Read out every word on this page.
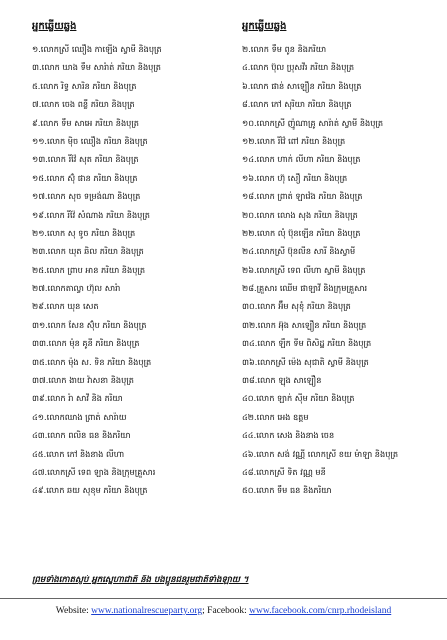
អ្នកឆ្លើយឆ្លង
១.លោកស្រី ឈឿង កាឡើង ស្វាមី និងបុត្រ
៣.លោក ឃាង ទឹម សារ៉ាត់ ភរិយា និងបុត្រ
៥.លោក រិទ្ធ សារិន ភរិយា និងបុត្រ
៧.លោក ចេង ពន្លឺ ភរិយា និងបុត្រ
៩.លោក ទឹម សាអេ ភរិយា និងបុត្រ
១១.លោក ម៉ិច ឈឿង ភរិយា និងបុត្រ
១៣.លោក រីវ៉ៃ សុត ភរិយា និងបុត្រ
១៥.លោក ស៊ុំ ផាន ភរិយា និងបុត្រ
១៧.លោក សុច ទម្រង់ណា និងបុត្រ
១៩.លោក រីវ៉ៃ សំណាង ភរិយា និងបុត្រ
២១.លោក សុ ទូច ភរិយា និងបុត្រ
២៣.លោក ឃុត ឆិល ភរិយា និងបុត្រ
២៥.លោក ព្រាប អាន ភរិយា និងបុត្រ
២៧.លោកតាល្វា ហ៊ុល សារ៉ា
២៩.លោក ឃុន សេត
៣១.លោក សែន ស៊ុំប ភរិយា និងបុត្រ
៣៣.លោក ម៉ុន គូនី ភរិយា និងបុត្រ
៣៥.លោក ម៉ុង ស. ទិន ភរិយា និងបុត្រ
៣៧.លោក ងាយ វ៉ាសនា និងបុត្រ
៣៩.លោក រ៉ា សាវី និង ភរិយា
៤១.លោកឈាង ព្រាត់ សារ៉ាយ
៤៣.លោក ពលិន ធន និងភរិយា
៤៥.លោក កៅ និងនាង លីហា
៤៧.លោកស្រី ទេព ឡាង និងក្រុមគ្រួសារ
៤៩.លោក ឆយ សុខុម ភរិយា និងបុត្រ
អ្នកឆ្លើយឆ្លង
២.លោក ទឹម ពូន និងភរិយា
៤.លោក ប៊ុល ប្រុសវីរ ភរិយា និងបុត្រ
៦.លោក ផាន់ សាឡឿន ភរិយា និងបុត្រ
៨.លោក កៅ សុរិយា ភរិយា និងបុត្រ
១០.លោកស្រី ញ៉ូណាគ្រូ សារ៉ាត់ ស្វាមី និងបុត្រ
១២.លោក រីវ៉ៃ ពៅ ភរិយា និងបុត្រ
១៤.លោក ហាក់ លីហា ភរិយា និងបុត្រ
១៦.លោក ហ៊ុ សឿ ភរិយា និងបុត្រ
១៨.លោក ព្រាត់ ឡាវ៉េង ភរិយា និងបុត្រ
២០.លោក លោង សុង ភរិយា និងបុត្រ
២២.លោក លុំ ប៊ុនឡើន ភរិយា និងបុត្រ
២៤.លោកស្រី ប៊ុនលីន សារី និងស្វាមី
២៦.លោកស្រី ទេព លីហា ស្វាមី និងបុត្រ
២៨.គ្រួសារ ឈើម ផាឡាវី និងក្រុមគ្រួសារ
៣០.លោក អ៊ឹម សុខុំ ភរិយា និងបុត្រ
៣២.លោក អ៊ុង សាឡឿន ភរិយា និងបុត្រ
៣៤.លោក ឡឹក ទីម ពិសិដ្ឋ ភរិយា និងបុត្រ
៣៦.លោកស្រី ម៉េង សុជាតិ ស្វាមី និងបុត្រ
៣៨.លោក ឡុង សាឡឿន
៤០.លោក ឡាក់ ស៊ីម ភរិយា និងបុត្រ
៤២.លោក អេង ឧត្តម
៤៤.លោក សេង និងនាង ចេន
៤៦.លោក សង់ វណ្ណី លោកស្រី ខយ ម៉ាឡា និងបុត្រ
៤៨.លោកស្រី ទិត វណ្ណ មនី
៥០.លោក ទឹម ធន និងភរិយា
ព្រមទាំងកោតស្ញប់ អ្នកស្នេហាជាតិ និង បងប្អូនជនរួមជាតិទាំងឡាយ ។
Website: www.nationalrescueparty.org; Facebook: www.facebook.com/cnrp.rhodeisland
